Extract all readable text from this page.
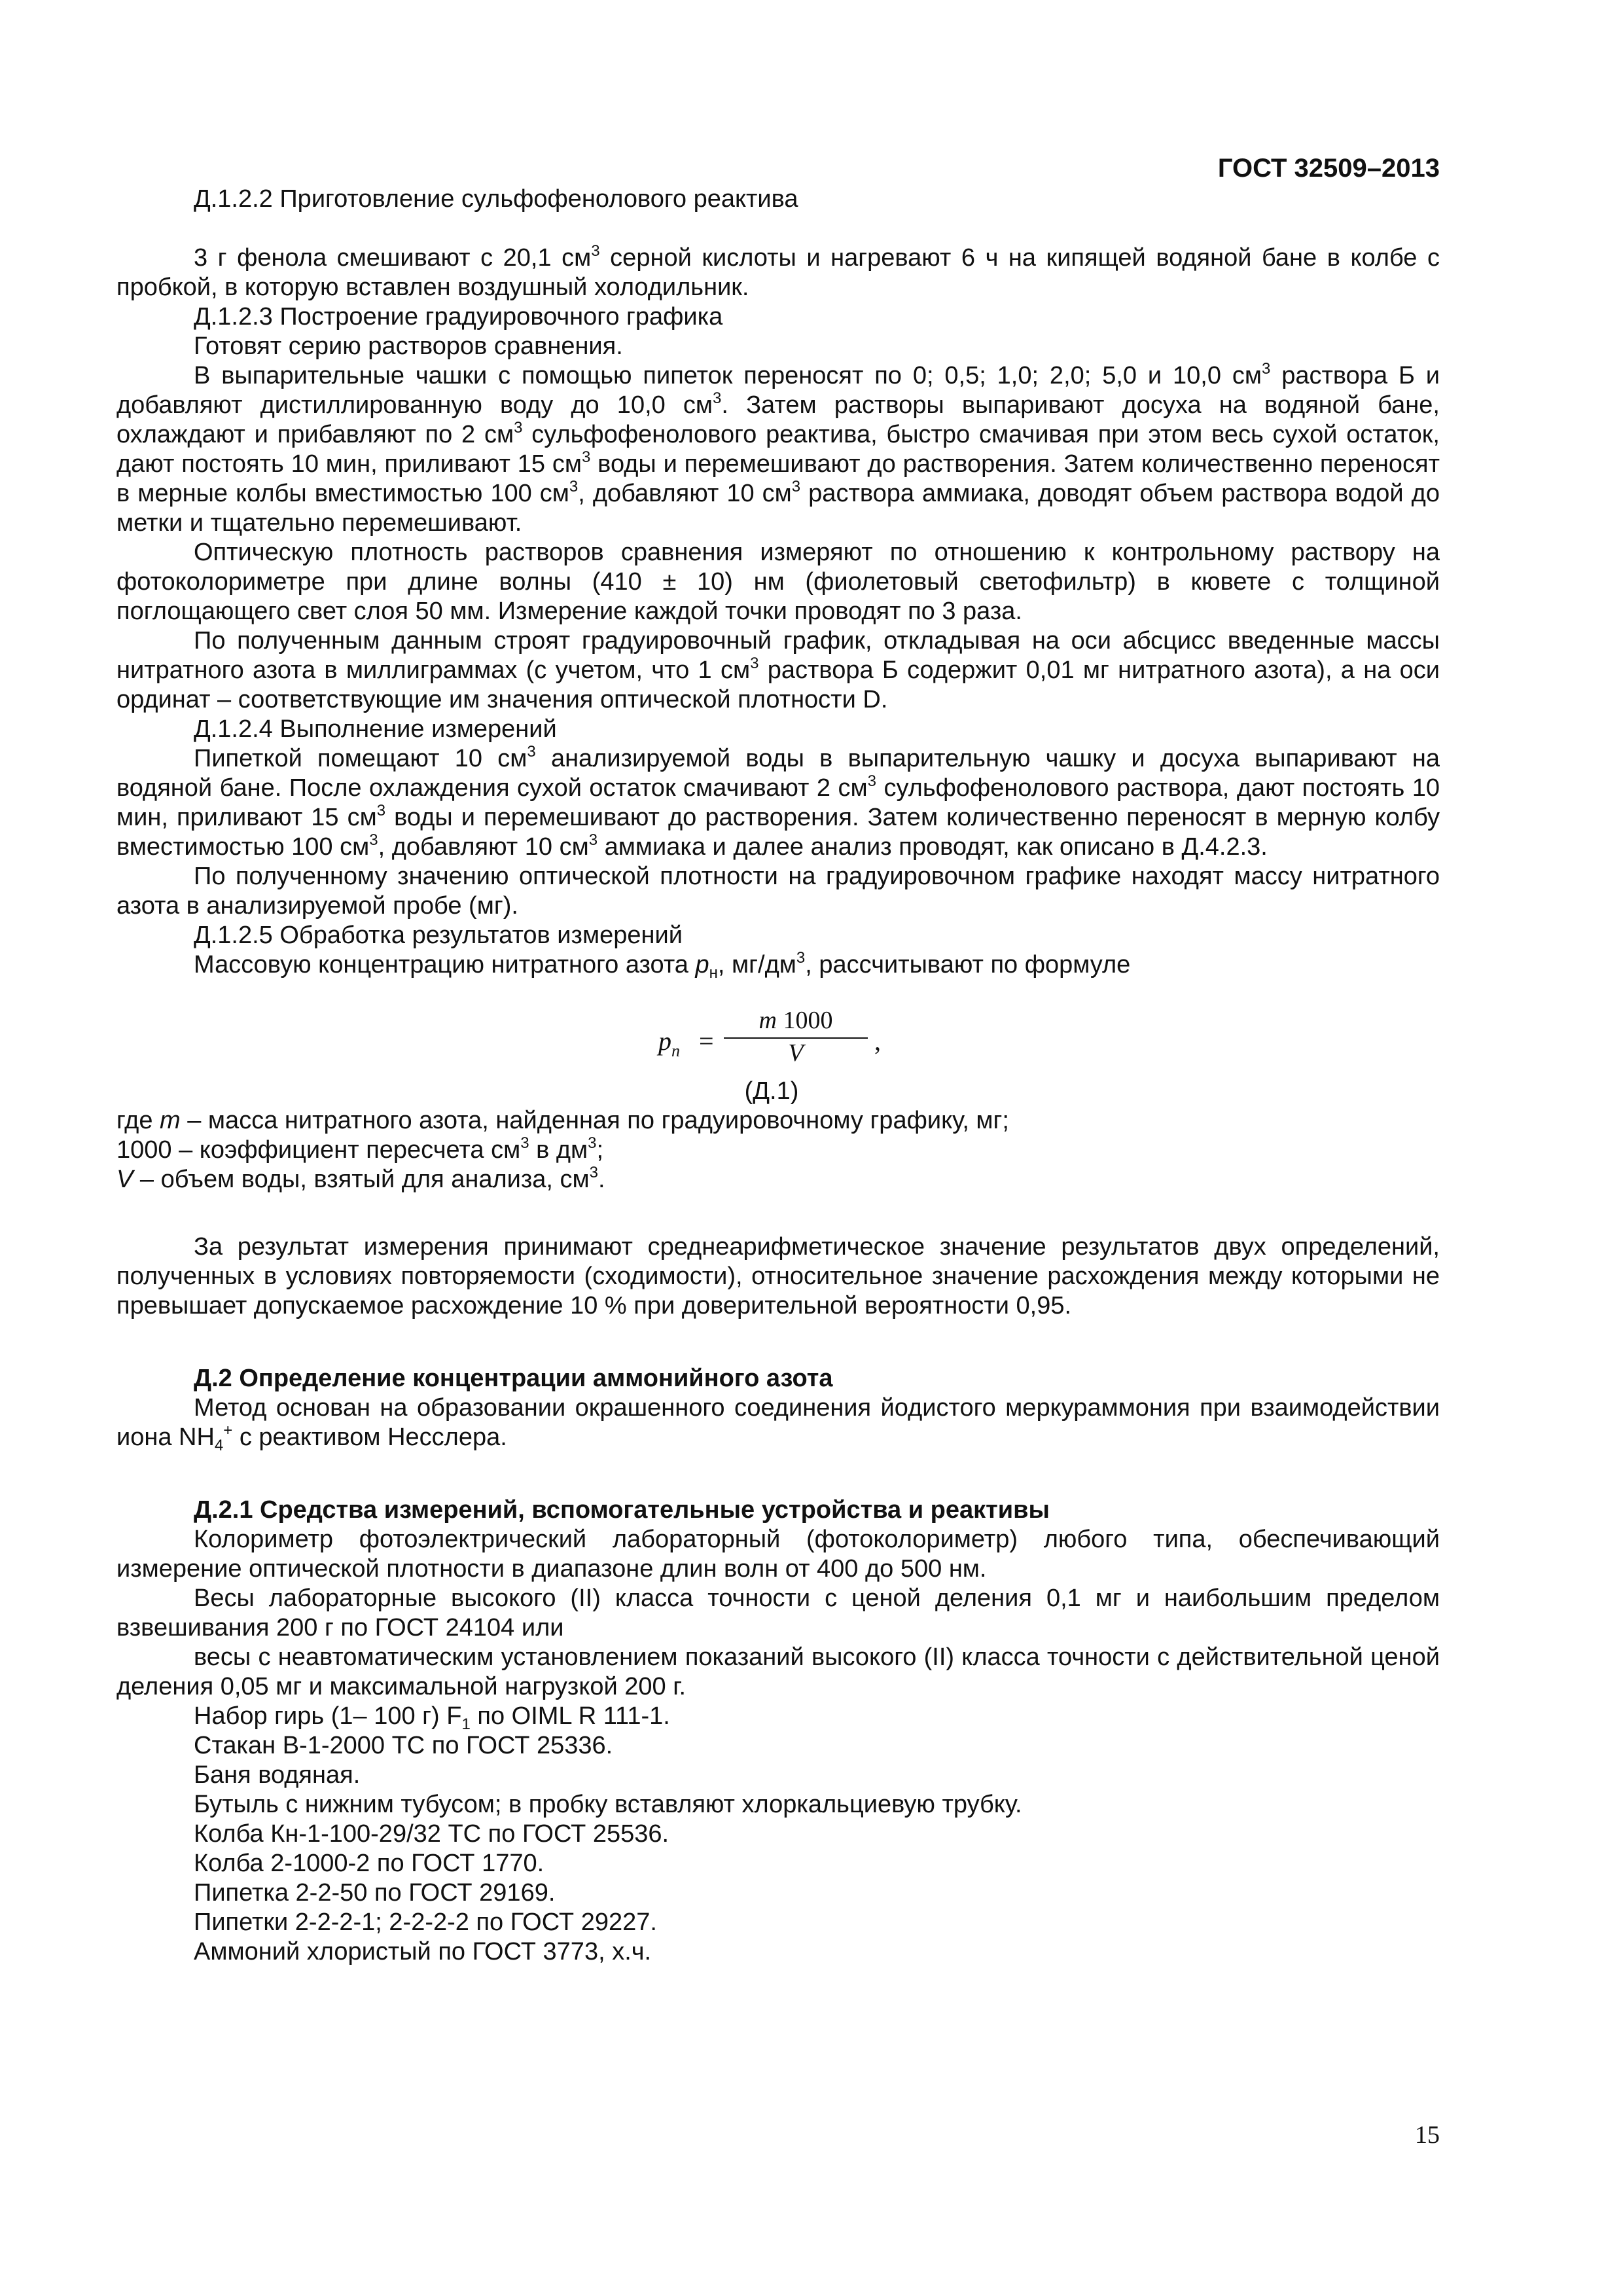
ГОСТ 32509–2013

Д.1.2.2 Приготовление сульфофенолового реактива

3 г фенола смешивают с 20,1 $см^3$ серной кислоты и нагревают 6 ч на кипящей водяной бане в колбе с пробкой, в которую вставлен воздушный холодильник.

Д.1.2.3 Построение градуировочного графика

Готовят серию растворов сравнения.

В выпарительные чашки с помощью пипеток переносят по 0; 0,5; 1,0; 2,0; 5,0 и 10,0 $см^3$ раствора Б и добавляют дистиллированную воду до 10,0 $см^3$. Затем растворы выпаривают досуха на водяной бане, охлаждают и прибавляют по 2 $см^3$ сульфофенолового реактива, быстро смачивая при этом весь сухой остаток, дают постоять 10 мин, приливают 15 $см^3$ воды и перемешивают до растворения. Затем количественно переносят в мерные колбы вместимостью 100 $см^3$, добавляют 10 $см^3$ раствора аммиака, доводят объем раствора водой до метки и тщательно перемешивают.

Оптическую плотность растворов сравнения измеряют по отношению к контрольному раствору на фотоколориметре при длине волны (410 ± 10) нм (фиолетовый светофильтр) в кювете с толщиной поглощающего свет слоя 50 мм. Измерение каждой точки проводят по 3 раза.

По полученным данным строят градуировочный график, откладывая на оси абсцисс введенные массы нитратного азота в миллиграммах (с учетом, что 1 $см^3$ раствора Б содержит 0,01 мг нитратного азота), а на оси ординат – соответствующие им значения оптической плотности D.

Д.1.2.4 Выполнение измерений

Пипеткой помещают 10 $см^3$ анализируемой воды в выпарительную чашку и досуха выпаривают на водяной бане. После охлаждения сухой остаток смачивают 2 $см^3$ сульфофенолового раствора, дают постоять 10 мин, приливают 15 $см^3$ воды и перемешивают до растворения. Затем количественно переносят в мерную колбу вместимостью 100 $см^3$, добавляют 10 $см^3$ аммиака и далее анализ проводят, как описано в Д.4.2.3.

По полученному значению оптической плотности на градуировочном графике находят массу нитратного азота в анализируемой пробе (мг).

Д.1.2.5 Обработка результатов измерений

Массовую концентрацию нитратного азота $p_н$, $мг/дм^3$, рассчитывают по формуле

$p_n = \frac{m 1000}{V}$ ,

(Д.1)

где m – масса нитратного азота, найденная по градуировочному графику, мг;

1000 – коэффициент пересчета $см^3$ в $дм^3$;

V – объем воды, взятый для анализа, $см^3$.

За результат измерения принимают среднеарифметическое значение результатов двух определений, полученных в условиях повторяемости (сходимости), относительное значение расхождения между которыми не превышает допускаемое расхождение 10 % при доверительной вероятности 0,95.

Д.2 Определение концентрации аммонийного азота

Метод основан на образовании окрашенного соединения йодистого меркураммония при взаимодействии иона $NH_4^+$ с реактивом Несслера.

Д.2.1 Средства измерений, вспомогательные устройства и реактивы

Колориметр фотоэлектрический лабораторный (фотоколориметр) любого типа, обеспечивающий измерение оптической плотности в диапазоне длин волн от 400 до 500 нм.

Весы лабораторные высокого (II) класса точности с ценой деления 0,1 мг и наибольшим пределом взвешивания 200 г по ГОСТ 24104 или

весы с неавтоматическим установлением показаний высокого (II) класса точности с действительной ценой деления 0,05 мг и максимальной нагрузкой 200 г.

Набор гирь (1– 100 г) $F_1$ по OIML R 111-1.

Стакан В-1-2000 ТС по ГОСТ 25336.

Баня водяная.

Бутыль с нижним тубусом; в пробку вставляют хлоркальциевую трубку.

Колба Кн-1-100-29/32 ТС по ГОСТ 25536.

Колба 2-1000-2 по ГОСТ 1770.

Пипетка 2-2-50 по ГОСТ 29169.

Пипетки 2-2-2-1; 2-2-2-2 по ГОСТ 29227.

Аммоний хлористый по ГОСТ 3773, х.ч.

15
